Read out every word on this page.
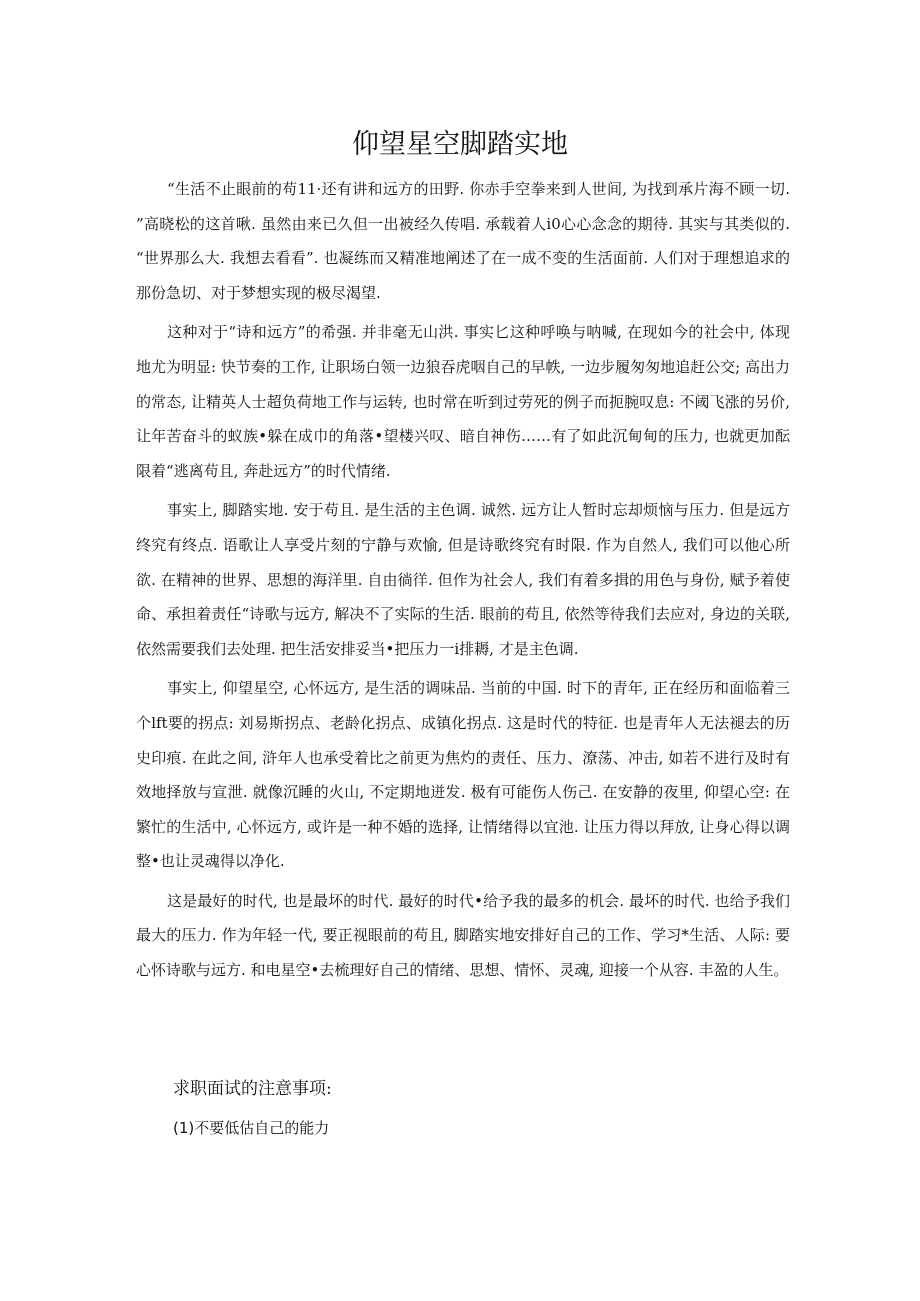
仰望星空脚踏实地

“生活不止眼前的苟11·还有讲和远方的田野. 你赤手空拳来到人世间, 为找到承片海不顾一切. ”高晓松的这首啾. 虽然由来已久但一出被经久传唱. 承载着人i0心心念念的期待. 其实与其类似的. “世界那么大. 我想去看看”. 也凝练而又精准地阐述了在一成不变的生活面前. 人们对于理想追求的那份急切、对于梦想实现的极尽渴望.

这种对于“诗和远方”的希强. 并非毫无山洪. 事实匕这种呼唤与呐喊, 在现如今的社会中, 体现地尤为明显: 快节奏的工作, 让职场白领一边狼吞虎咽自己的早帙, 一边步履匆匆地追赶公交; 高出力的常态, 让精英人士超负荷地工作与运转, 也时常在听到过劳死的例子而扼腕叹息: 不阈飞涨的另价, 让年苦奋斗的蚁族•躲在成巾的角落•望楼兴叹、暗自神伤……有了如此沉甸甸的压力, 也就更加酝限着“逃离苟且, 奔赴远方”的时代情绪.

事实上, 脚踏实地. 安于苟且. 是生活的主色调. 诚然. 远方让人暂时忘却烦恼与压力. 但是远方终究有终点. 语歌让人享受片刻的宁静与欢愉, 但是诗歌终究有时限. 作为自然人, 我们可以他心所欲. 在精神的世界、思想的海洋里. 自由徜徉. 但作为社会人, 我们有着多揖的用色与身份, 赋予着使命、承担着责任“诗歌与远方, 解决不了实际的生活. 眼前的苟且, 依然等待我们去应对, 身边的关联, 依然需要我们去处理. 把生活安排妥当•把压力一i排耨, 才是主色调.

事实上, 仰望星空, 心怀远方, 是生活的调味品. 当前的中国. 时下的青年, 正在经历和面临着三个lft要的拐点: 刘易斯拐点、老龄化拐点、成镇化拐点. 这是时代的特征. 也是青年人无法褪去的历史印痕. 在此之间, 浒年人也承受着比之前更为焦灼的责任、压力、潦荡、冲击, 如若不进行及时有效地择放与宣泄. 就像沉睡的火山, 不定期地迸发. 极有可能伤人伤己. 在安静的夜里, 仰望心空: 在繁忙的生活中, 心怀远方, 或许是一种不婚的选择, 让情绪得以宜池. 让压力得以拜放, 让身心得以调整•也让灵魂得以净化.

这是最好的时代, 也是最坏的时代. 最好的时代•给予我的最多的机会. 最坏的时代. 也给予我们最大的压力. 作为年轻一代, 要正视眼前的苟且, 脚踏实地安排好自己的工作、学习*生活、人际: 要心怀诗歌与远方. 和电星空•去梳理好自己的情绪、思想、情怀、灵魂, 迎接一个从容. 丰盈的人生。

求职面试的注意事项:

(1)不要低估自己的能力
